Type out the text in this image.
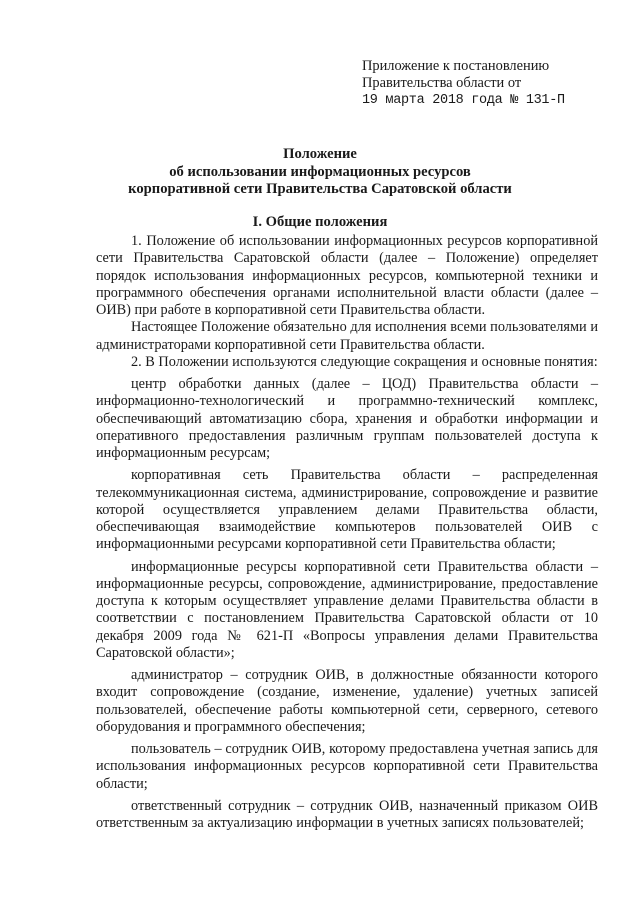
Приложение к постановлению
Правительства области от
19 марта 2018 года № 131-П
Положение
об использовании информационных ресурсов
корпоративной сети Правительства Саратовской области
I. Общие положения

1. Положение об использовании информационных ресурсов корпоративной сети Правительства Саратовской области (далее – Положение) определяет порядок использования информационных ресурсов, компьютерной техники и программного обеспечения органами исполнительной власти области (далее – ОИВ) при работе в корпоративной сети Правительства области.

Настоящее Положение обязательно для исполнения всеми пользователями и администраторами корпоративной сети Правительства области.

2. В Положении используются следующие сокращения и основные понятия:

центр обработки данных (далее – ЦОД) Правительства области – информационно-технологический и программно-технический комплекс, обеспечивающий автоматизацию сбора, хранения и обработки информации и оперативного предоставления различным группам пользователей доступа к информационным ресурсам;

корпоративная сеть Правительства области – распределенная телекоммуникационная система, администрирование, сопровождение и развитие которой осуществляется управлением делами Правительства области, обеспечивающая взаимодействие компьютеров пользователей ОИВ с информационными ресурсами корпоративной сети Правительства области;

информационные ресурсы корпоративной сети Правительства области – информационные ресурсы, сопровождение, администрирование, предоставление доступа к которым осуществляет управление делами Правительства области в соответствии с постановлением Правительства Саратовской области от 10 декабря 2009 года № 621-П «Вопросы управления делами Правительства Саратовской области»;

администратор – сотрудник ОИВ, в должностные обязанности которого входит сопровождение (создание, изменение, удаление) учетных записей пользователей, обеспечение работы компьютерной сети, серверного, сетевого оборудования и программного обеспечения;

пользователь – сотрудник ОИВ, которому предоставлена учетная запись для использования информационных ресурсов корпоративной сети Правительства области;

ответственный сотрудник – сотрудник ОИВ, назначенный приказом ОИВ ответственным за актуализацию информации в учетных записях пользователей;
